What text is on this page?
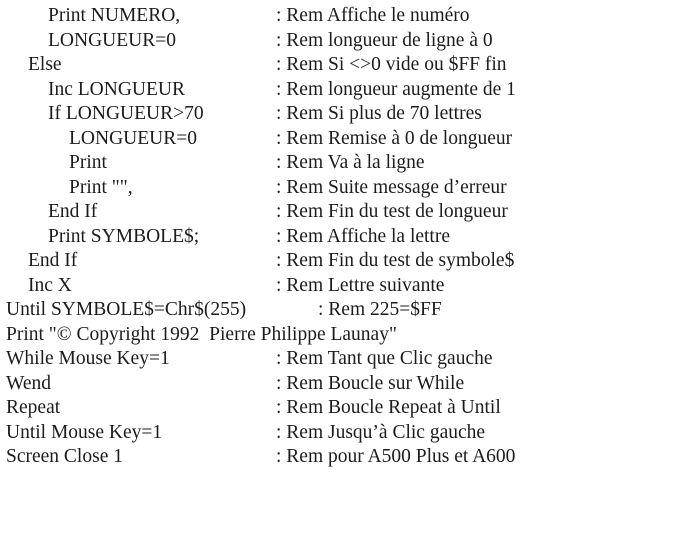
Print NUMERO,

	: Rem Affiche le numéro

LONGUEUR=0

	: Rem longueur de ligne à 0

Else

	: Rem Si <>0 vide ou $FF fin

Inc LONGUEUR

	: Rem longueur augmente de 1

If LONGUEUR>70

	: Rem Si plus de 70 lettres

LONGUEUR=0

	: Rem Remise à 0 de longueur

Print

	: Rem Va à la ligne

Print "",

	: Rem Suite message d’erreur

End If

	: Rem Fin du test de longueur

Print SYMBOLE$;

	: Rem Affiche la lettre

End If

	: Rem Fin du test de symbole$

Inc X

	: Rem Lettre suivante

Until SYMBOLE$=Chr$(255)

	: Rem 225=$FF

Print "© Copyright 1992  Pierre Philippe Launay"

While Mouse Key=1

	: Rem Tant que Clic gauche

Wend

	: Rem Boucle sur While

Repeat

	: Rem Boucle Repeat à Until

Until Mouse Key=1

	: Rem Jusqu’à Clic gauche

Screen Close 1

	: Rem pour A500 Plus et A600
